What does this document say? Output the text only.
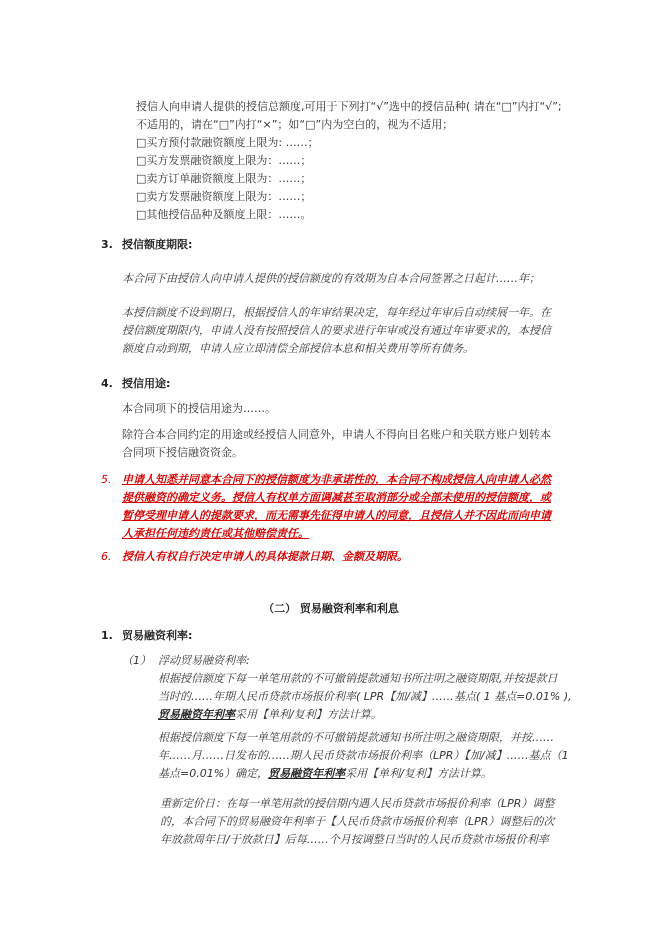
授信人向申请人提供的授信总额度,可用于下列打“√”选中的授信品种( 请在“□”内打“√”;
不适用的，请在“□”内打“×”；如“□”内为空白的，视为不适用；
□买方预付款融资额度上限为: ……；
□买方发票融资额度上限为：……；
□卖方订单融资额度上限为：……；
□卖方发票融资额度上限为：……；
□其他授信品种及额度上限：……。
3. 授信额度期限:
本合同下由授信人向申请人提供的授信额度的有效期为自本合同签署之日起计……年；
本授信额度不设到期日，根据授信人的年审结果决定，每年经过年审后自动续展一年。在
授信额度期限内，申请人没有按照授信人的要求进行年审或没有通过年审要求的，本授信
额度自动到期，申请人应立即清偿全部授信本息和相关费用等所有债务。
4. 授信用途:
本合同项下的授信用途为……。
除符合本合同约定的用途或经授信人同意外，申请人不得向目名账户和关联方账户划转本
合同项下授信融资资金。
5. 申请人知悉并同意本合同下的授信额度为非承诺性的，本合同不构成授信人向申请人必然
提供融资的确定义务。授信人有权单方面调减甚至取消部分或全部未使用的授信额度，或
暂停受理申请人的提款要求，而无需事先征得申请人的同意，且授信人并不因此而向申请
人承担任何违约责任或其他赔偿责任。
6. 授信人有权自行决定申请人的具体提款日期、金额及期限。
（二） 贸易融资利率和利息
1. 贸易融资利率:
（1） 浮动贸易融资利率:
根据授信额度下每一单笔用款的不可撤销提款通知书所注明之融资期限,并按提款日
当时的……年期人民币贷款市场报价利率( LPR【加/减】……基点( 1 基点=0.01% ),
贸易融资年利率采用【单利/复利】方法计算。
根据授信额度下每一单笔用款的不可撤销提款通知书所注明之融资期限，并按……
年……月……日发布的……期人民币贷款市场报价利率（LPR）【加/减】……基点（1
基点=0.01%）确定，贸易融资年利率采用【单利/复利】方法计算。
重新定价日：在每一单笔用款的授信期内遇人民币贷款市场报价利率（LPR）调整
的，本合同下的贸易融资年利率于【人民币贷款市场报价利率（LPR）调整后的次
年放款周年日/于放款日】后每……个月按调整日当时的人民币贷款市场报价利率
